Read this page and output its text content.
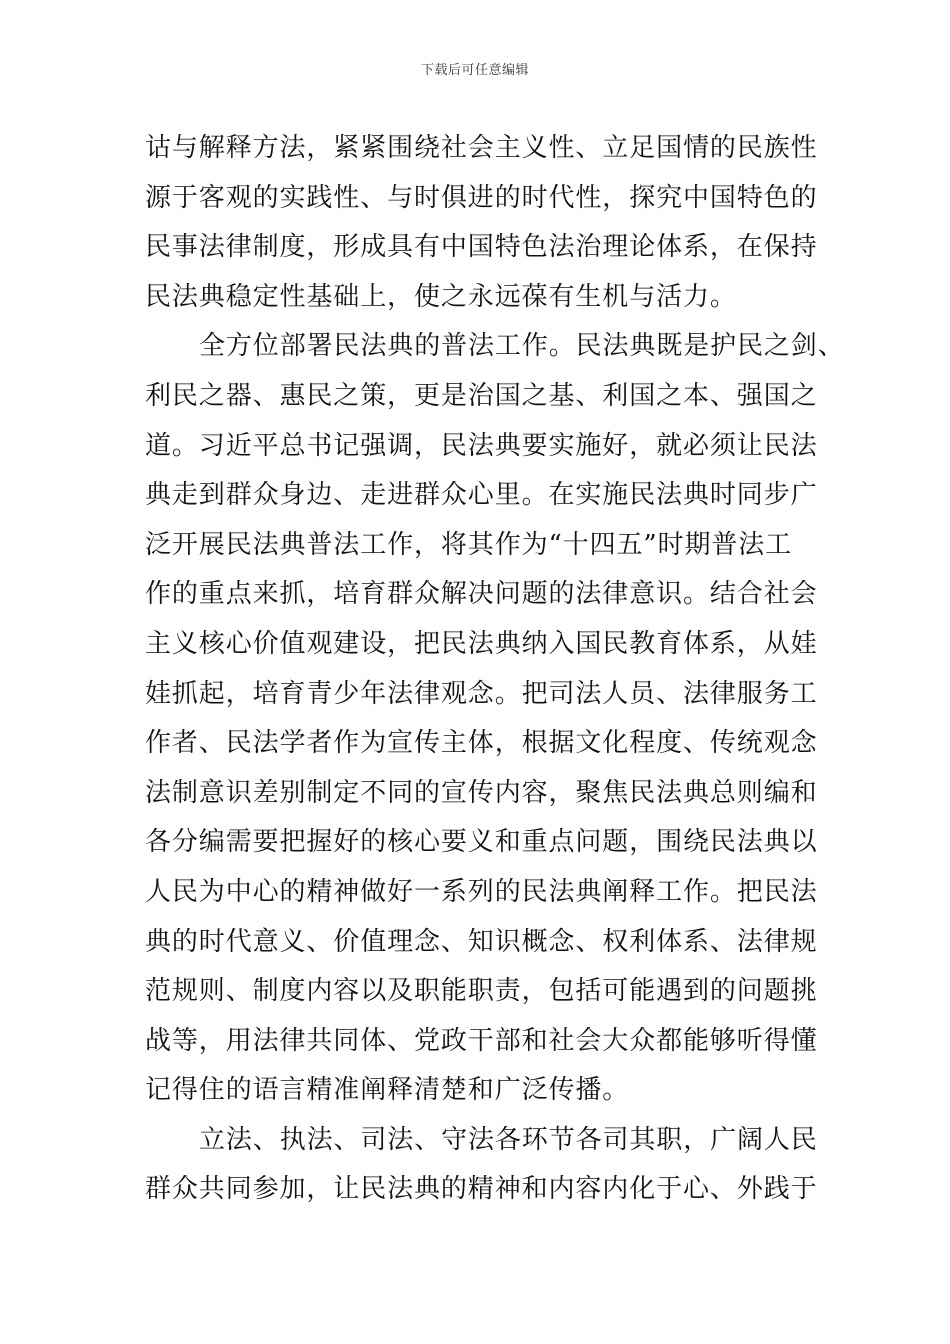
下载后可任意编辑
诂与解释方法，紧紧围绕社会主义性、立足国情的民族性
源于客观的实践性、与时俱进的时代性，探究中国特色的
民事法律制度，形成具有中国特色法治理论体系，在保持
民法典稳定性基础上，使之永远葆有生机与活力。
全方位部署民法典的普法工作。民法典既是护民之剑、
利民之器、惠民之策，更是治国之基、利国之本、强国之
道。习近平总书记强调，民法典要实施好，就必须让民法
典走到群众身边、走进群众心里。在实施民法典时同步广
泛开展民法典普法工作，将其作为“十四五”时期普法工
作的重点来抓，培育群众解决问题的法律意识。结合社会
主义核心价值观建设，把民法典纳入国民教育体系，从娃
娃抓起，培育青少年法律观念。把司法人员、法律服务工
作者、民法学者作为宣传主体，根据文化程度、传统观念
法制意识差别制定不同的宣传内容，聚焦民法典总则编和
各分编需要把握好的核心要义和重点问题，围绕民法典以
人民为中心的精神做好一系列的民法典阐释工作。把民法
典的时代意义、价值理念、知识概念、权利体系、法律规
范规则、制度内容以及职能职责，包括可能遇到的问题挑
战等，用法律共同体、党政干部和社会大众都能够听得懂
记得住的语言精准阐释清楚和广泛传播。
立法、执法、司法、守法各环节各司其职，广阔人民
群众共同参加，让民法典的精神和内容内化于心、外践于
